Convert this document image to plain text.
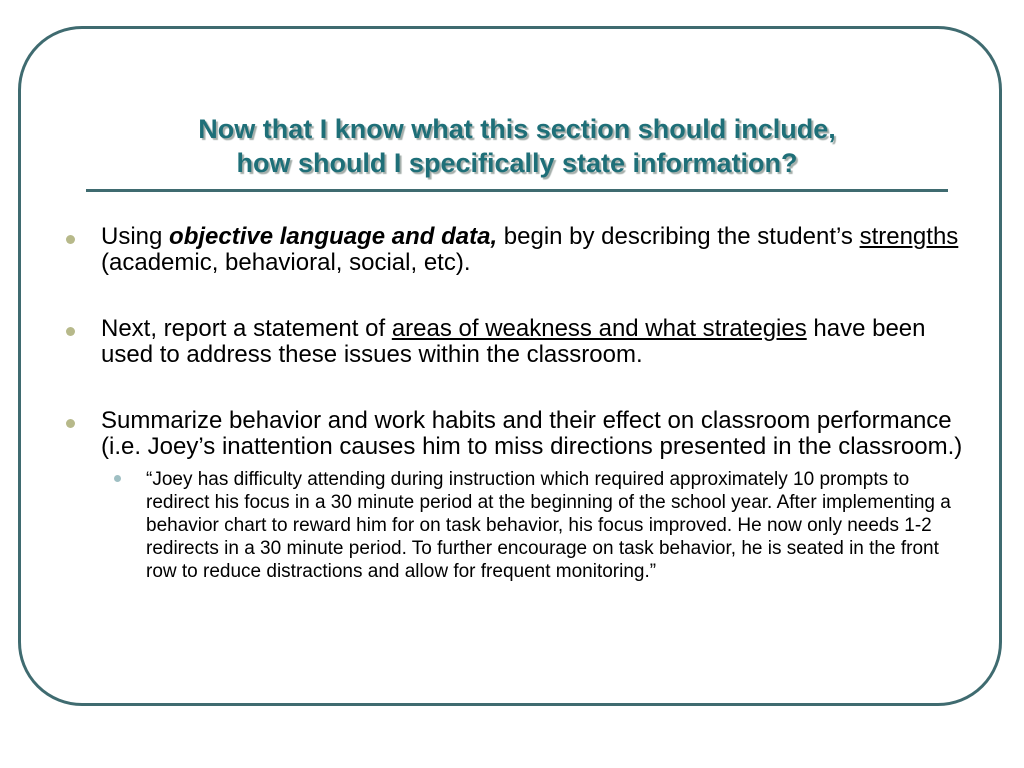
Now that I know what this section should include,
how should I specifically state information?
Using objective language and data, begin by describing the student’s strengths (academic, behavioral, social, etc).
Next, report a statement of areas of weakness and what strategies have been used to address these issues within the classroom.
Summarize behavior and work habits and their effect on classroom performance (i.e. Joey’s inattention causes him to miss directions presented in the classroom.)
“Joey has difficulty attending during instruction which required approximately 10 prompts to redirect his focus in a 30 minute period at the beginning of the school year. After implementing a behavior chart to reward him for on task behavior, his focus improved. He now only needs 1-2 redirects in a 30 minute period. To further encourage on task behavior, he is seated in the front row to reduce distractions and allow for frequent monitoring.”
